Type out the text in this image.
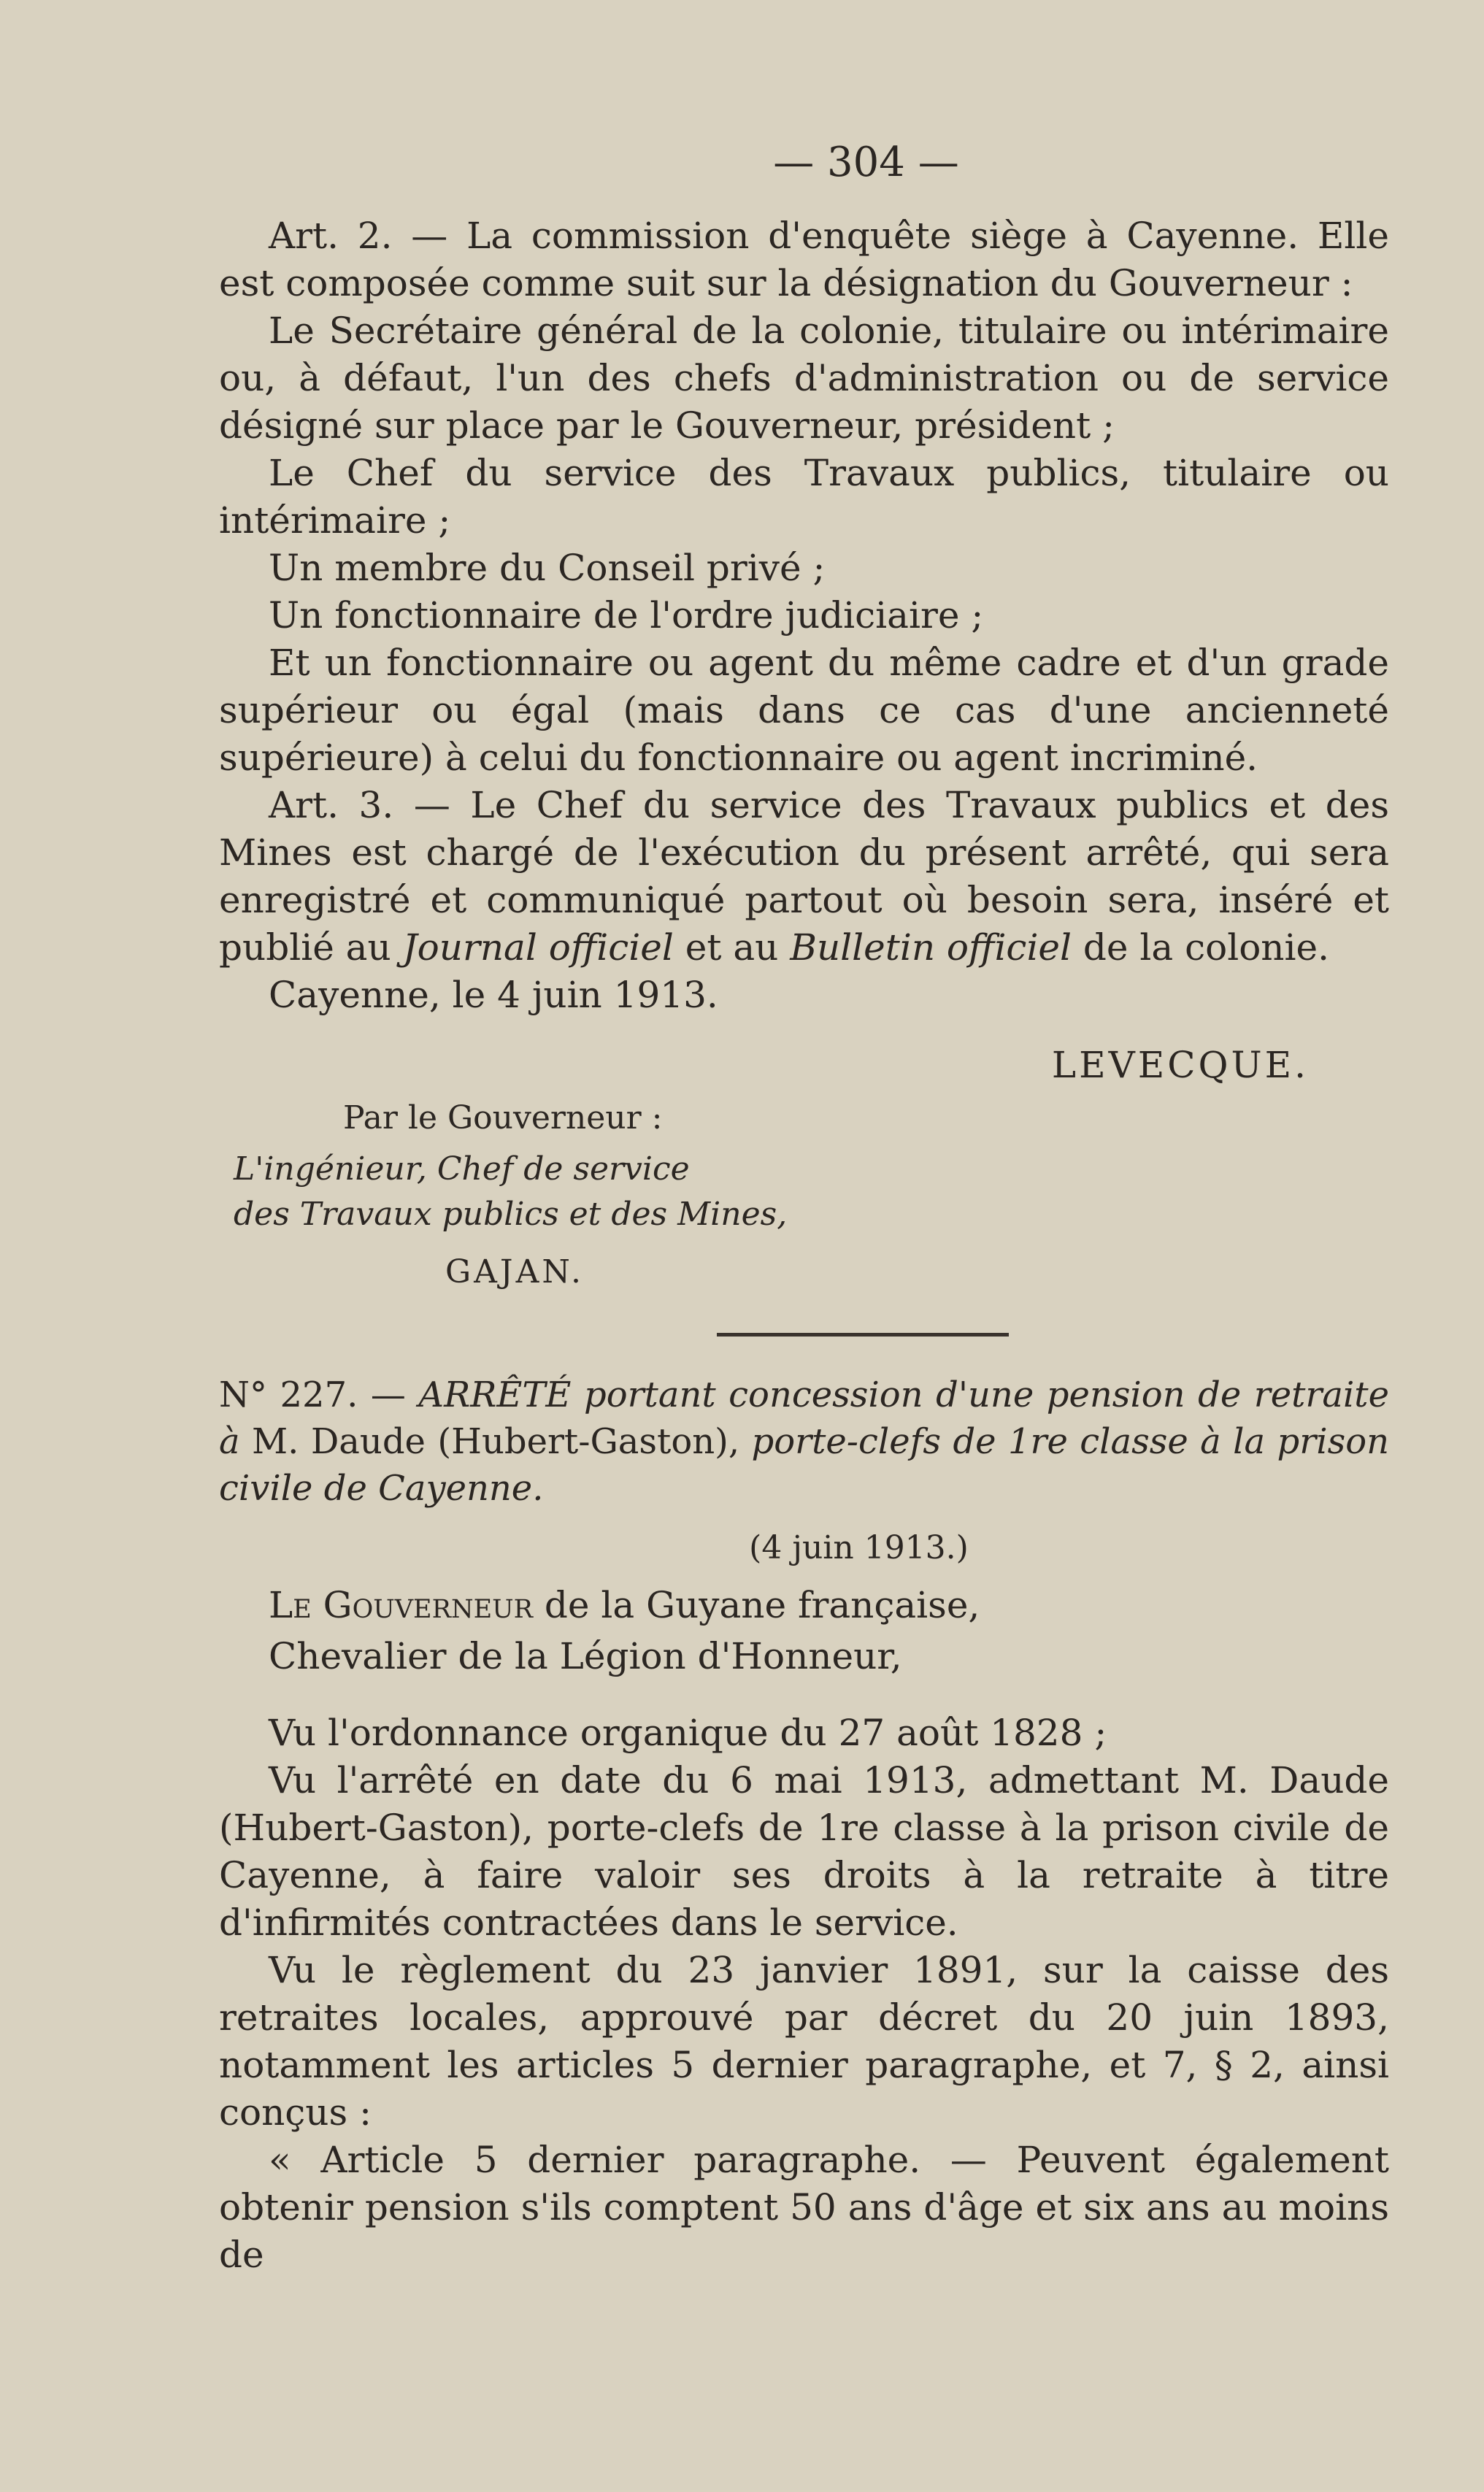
— 304 —

Art. 2. — La commission d'enquête siège à Cayenne. Elle est composée comme suit sur la désignation du Gouverneur :

Le Secrétaire général de la colonie, titulaire ou intérimaire ou, à défaut, l'un des chefs d'administration ou de service désigné sur place par le Gouverneur, président ;

Le Chef du service des Travaux publics, titulaire ou intérimaire ;

Un membre du Conseil privé ;

Un fonctionnaire de l'ordre judiciaire ;

Et un fonctionnaire ou agent du même cadre et d'un grade supérieur ou égal (mais dans ce cas d'une ancienneté supérieure) à celui du fonctionnaire ou agent incriminé.

Art. 3. — Le Chef du service des Travaux publics et des Mines est chargé de l'exécution du présent arrêté, qui sera enregistré et communiqué partout où besoin sera, inséré et publié au Journal officiel et au Bulletin officiel de la colonie.

Cayenne, le 4 juin 1913.

LEVECQUE.

Par le Gouverneur :

L'ingénieur, Chef de service
des Travaux publics et des Mines,

GAJAN.

N° 227. — ARRÊTÉ portant concession d'une pension de retraite à M. Daude (Hubert-Gaston), porte-clefs de 1re classe à la prison civile de Cayenne.

(4 juin 1913.)

Le Gouverneur de la Guyane française,

Chevalier de la Légion d'Honneur,

Vu l'ordonnance organique du 27 août 1828 ;

Vu l'arrêté en date du 6 mai 1913, admettant M. Daude (Hubert-Gaston), porte-clefs de 1re classe à la prison civile de Cayenne, à faire valoir ses droits à la retraite à titre d'infirmités contractées dans le service.

Vu le règlement du 23 janvier 1891, sur la caisse des retraites locales, approuvé par décret du 20 juin 1893, notamment les articles 5 dernier paragraphe, et 7, § 2, ainsi conçus :

« Article 5 dernier paragraphe. — Peuvent également obtenir pension s'ils comptent 50 ans d'âge et six ans au moins de
